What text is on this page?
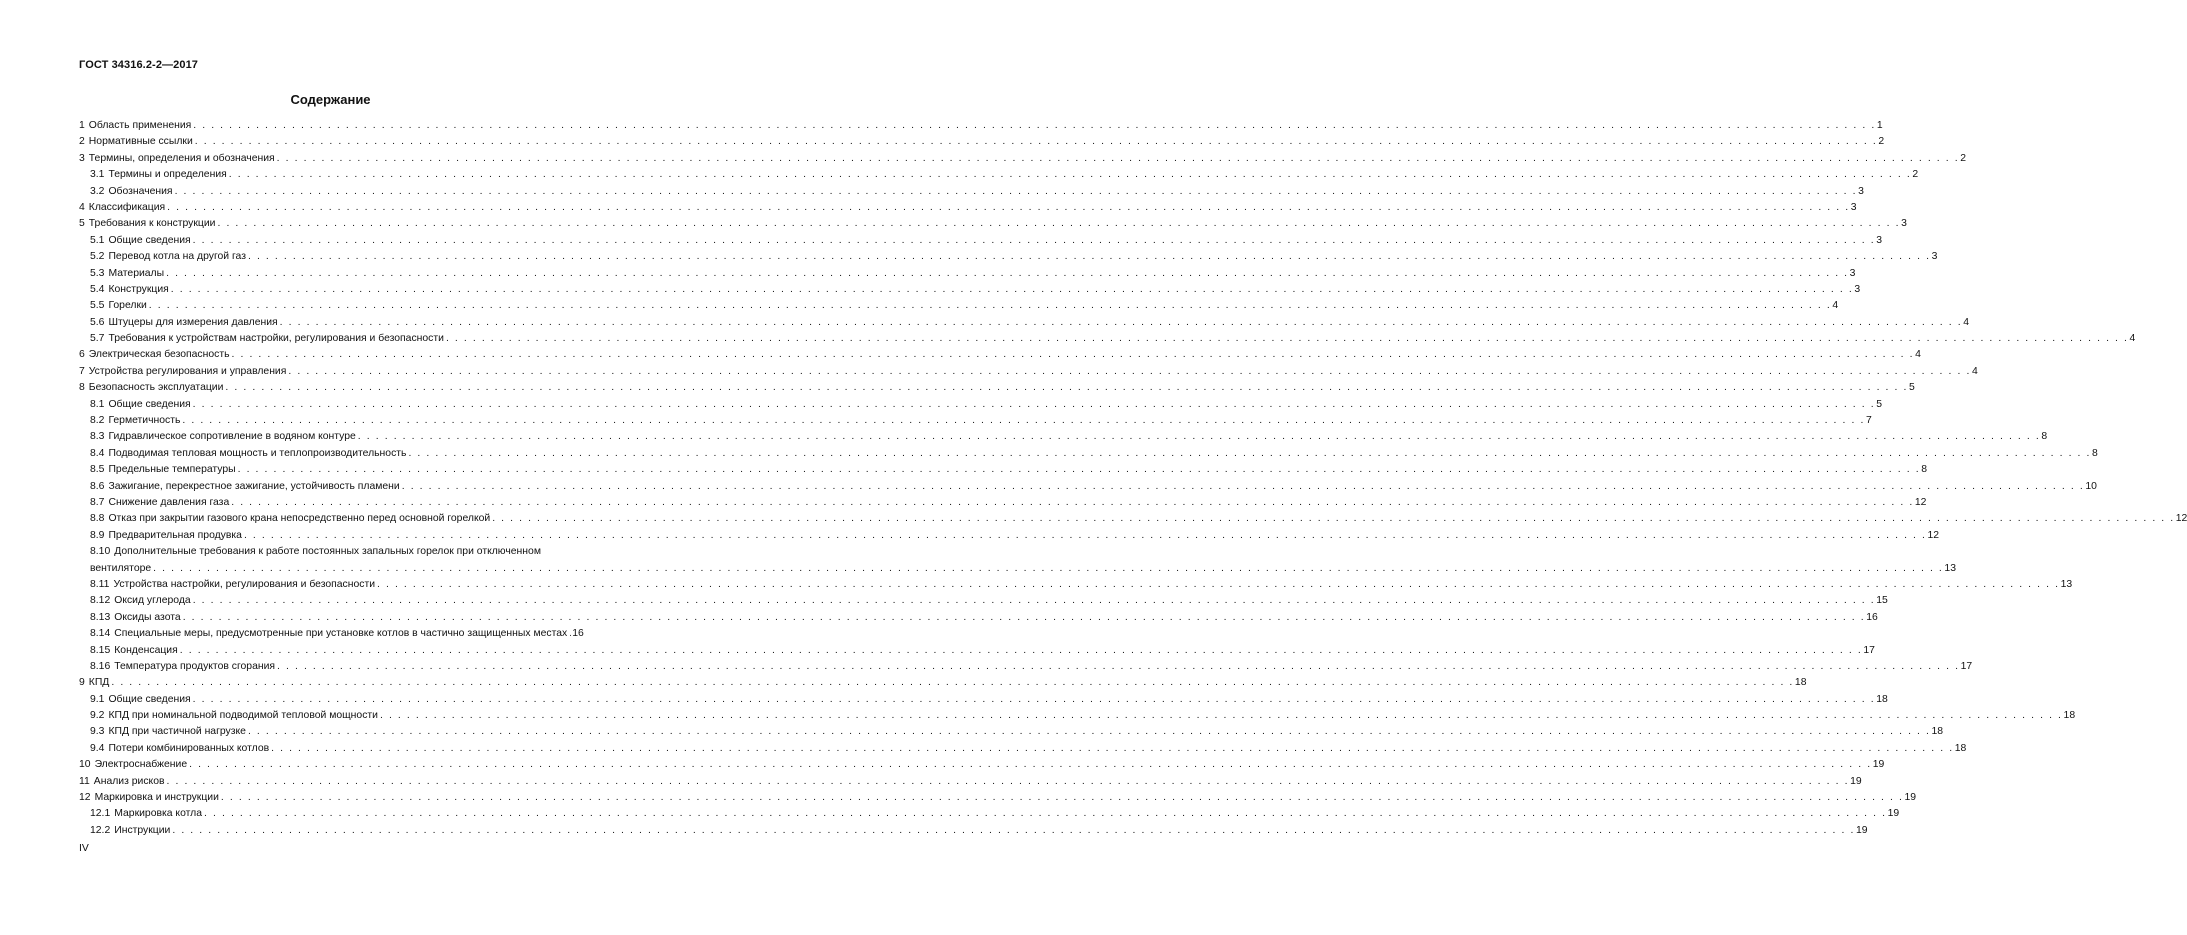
ГОСТ 34316.2-2—2017
Содержание
1 Область применения . . .	1
2 Нормативные ссылки . . .	2
3 Термины, определения и обозначения . . .	2
3.1 Термины и определения . . .	2
3.2 Обозначения . . .	3
4 Классификация . . .	3
5 Требования к конструкции . . .	3
5.1 Общие сведения . . .	3
5.2 Перевод котла на другой газ . . .	3
5.3 Материалы . . .	3
5.4 Конструкция . . .	3
5.5 Горелки . . .	4
5.6 Штуцеры для измерения давления . . .	4
5.7 Требования к устройствам настройки, регулирования и безопасности . . .	4
6 Электрическая безопасность . . .	4
7 Устройства регулирования и управления . . .	4
8 Безопасность эксплуатации . . .	5
8.1 Общие сведения . . .	5
8.2 Герметичность . . .	7
8.3 Гидравлическое сопротивление в водяном контуре . . .	8
8.4 Подводимая тепловая мощность и теплопроизводительность . . .	8
8.5 Предельные температуры . . .	8
8.6 Зажигание, перекрестное зажигание, устойчивость пламени . . .	10
8.7 Снижение давления газа . . .	12
8.8 Отказ при закрытии газового крана непосредственно перед основной горелкой . . .	12
8.9 Предварительная продувка . . .	12
8.10 Дополнительные требования к работе постоянных запальных горелок при отключенном
вентиляторе . . . . . . . . . . . . . . . . . . . . . . . . . . . . . . . . . . . . . . . . . . . . . . . . . . . . . . . . . . . . . . . . . . . . . . . . . . . . . . . . . . . . . . . . . . . . . . . . . . . . . . . . . . . . . . . . . . . . . . . . . . . . . . . . . . . . . . . . . . . . . . . . . . . . . . . . . . . . . . . . . . . . . . . . . . . . . . . . . . . . . . . . . . . . . . . . . . . . . . . . 13
8.11 Устройства настройки, регулирования и безопасности . . .	13
8.12 Оксид углерода . . .	15
8.13 Оксиды азота . . .	16
8.14 Специальные меры, предусмотренные при установке котлов в частично защищенных местах . . . 16
8.15 Конденсация . . .	17
8.16 Температура продуктов сгорания . . .	17
9 КПД . . .	18
9.1 Общие сведения . . .	18
9.2 КПД при номинальной подводимой тепловой мощности . . .	18
9.3 КПД при частичной нагрузке . . .	18
9.4 Потери комбинированных котлов . . .	18
10 Электроснабжение . . .	19
11 Анализ рисков . . .	19
12 Маркировка и инструкции . . .	19
12.1 Маркировка котла . . .	19
12.2 Инструкции . . .	19
IV
